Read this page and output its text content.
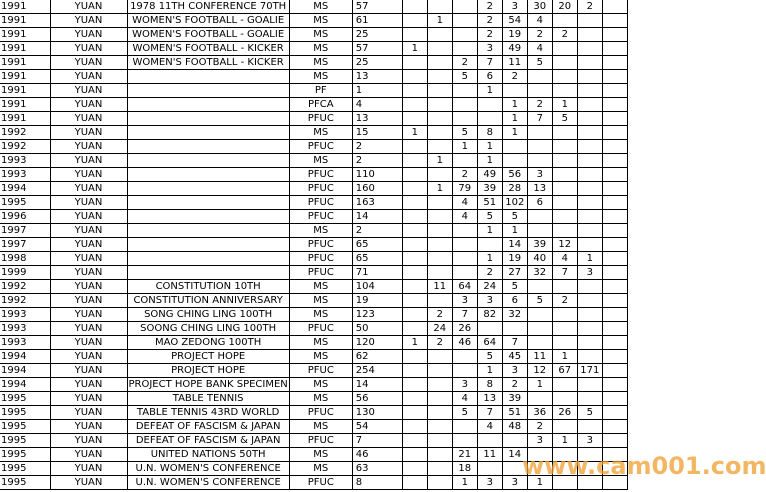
1991	YUAN	1978 11TH CONFERENCE 70TH	MS	57				2	3	30	20	2	
1991	YUAN	WOMEN'S FOOTBALL - GOALIE	MS	61		1		2	54	4			
1991	YUAN	WOMEN'S FOOTBALL - GOALIE	MS	25				2	19	2	2		
1991	YUAN	WOMEN'S FOOTBALL - KICKER	MS	57	1			3	49	4			
1991	YUAN	WOMEN'S FOOTBALL - KICKER	MS	25			2	7	11	5			
1991	YUAN		MS	13			5	6	2				
1991	YUAN		PF	1				1					
1991	YUAN		PFCA	4					1	2	1		
1991	YUAN		PFUC	13					1	7	5		
1992	YUAN		MS	15	1		5	8	1				
1992	YUAN		PFUC	2			1	1					
1993	YUAN		MS	2		1		1					
1993	YUAN		PFUC	110			2	49	56	3			
1994	YUAN		PFUC	160		1	79	39	28	13			
1995	YUAN		PFUC	163			4	51	102	6			
1996	YUAN		PFUC	14			4	5	5				
1997	YUAN		MS	2				1	1				
1997	YUAN		PFUC	65					14	39	12		
1998	YUAN		PFUC	65				1	19	40	4	1	
1999	YUAN		PFUC	71				2	27	32	7	3	
1992	YUAN	CONSTITUTION 10TH	MS	104		11	64	24	5				
1992	YUAN	CONSTITUTION ANNIVERSARY	MS	19			3	3	6	5	2		
1993	YUAN	SONG CHING LING 100TH	MS	123		2	7	82	32				
1993	YUAN	SOONG CHING LING 100TH	PFUC	50		24	26						
1993	YUAN	MAO ZEDONG 100TH	MS	120	1	2	46	64	7				
1994	YUAN	PROJECT HOPE	MS	62				5	45	11	1		
1994	YUAN	PROJECT HOPE	PFUC	254				1	3	12	67	171	
1994	YUAN	PROJECT HOPE BANK SPECIMEN	MS	14			3	8	2	1			
1995	YUAN	TABLE TENNIS	MS	56			4	13	39				
1995	YUAN	TABLE TENNIS 43RD WORLD	PFUC	130			5	7	51	36	26	5	
1995	YUAN	DEFEAT OF FASCISM & JAPAN	MS	54				4	48	2			
1995	YUAN	DEFEAT OF FASCISM & JAPAN	PFUC	7						3	1	3	
1995	YUAN	UNITED NATIONS 50TH	MS	46			21	11	14				
1995	YUAN	U.N. WOMEN'S CONFERENCE	MS	63			18						
1995	YUAN	U.N. WOMEN'S CONFERENCE	PFUC	8			1	3	3	1			
www.cam001.com
